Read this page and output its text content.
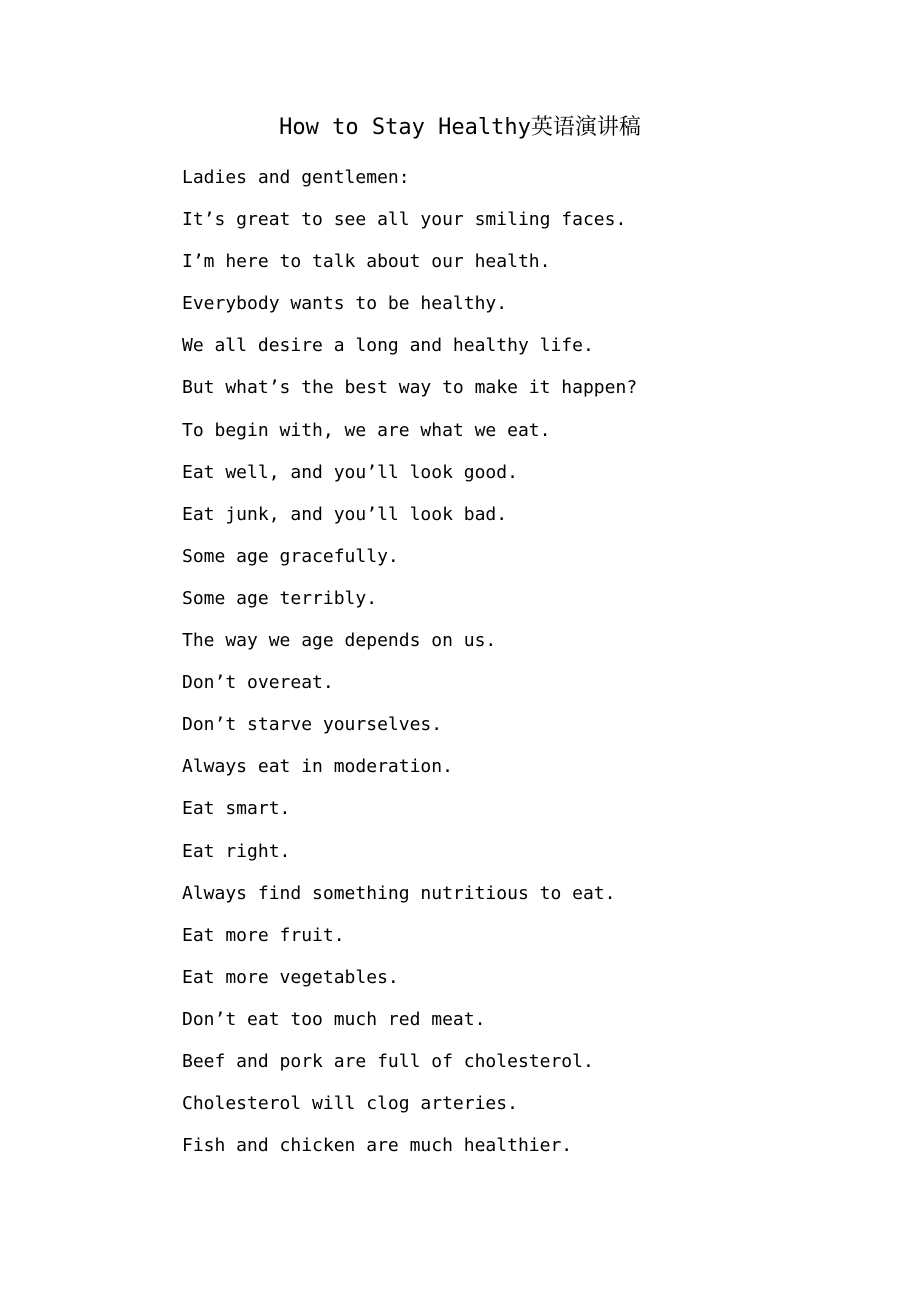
How to Stay Healthy英语演讲稿
Ladies and gentlemen:
It’s great to see all your smiling faces.
I’m here to talk about our health.
Everybody wants to be healthy.
We all desire a long and healthy life.
But what’s the best way to make it happen?
To begin with, we are what we eat.
Eat well, and you’ll look good.
Eat junk, and you’ll look bad.
Some age gracefully.
Some age terribly.
The way we age depends on us.
Don’t overeat.
Don’t starve yourselves.
Always eat in moderation.
Eat smart.
Eat right.
Always find something nutritious to eat.
Eat more fruit.
Eat more vegetables.
Don’t eat too much red meat.
Beef and pork are full of cholesterol.
Cholesterol will clog arteries.
Fish and chicken are much healthier.
